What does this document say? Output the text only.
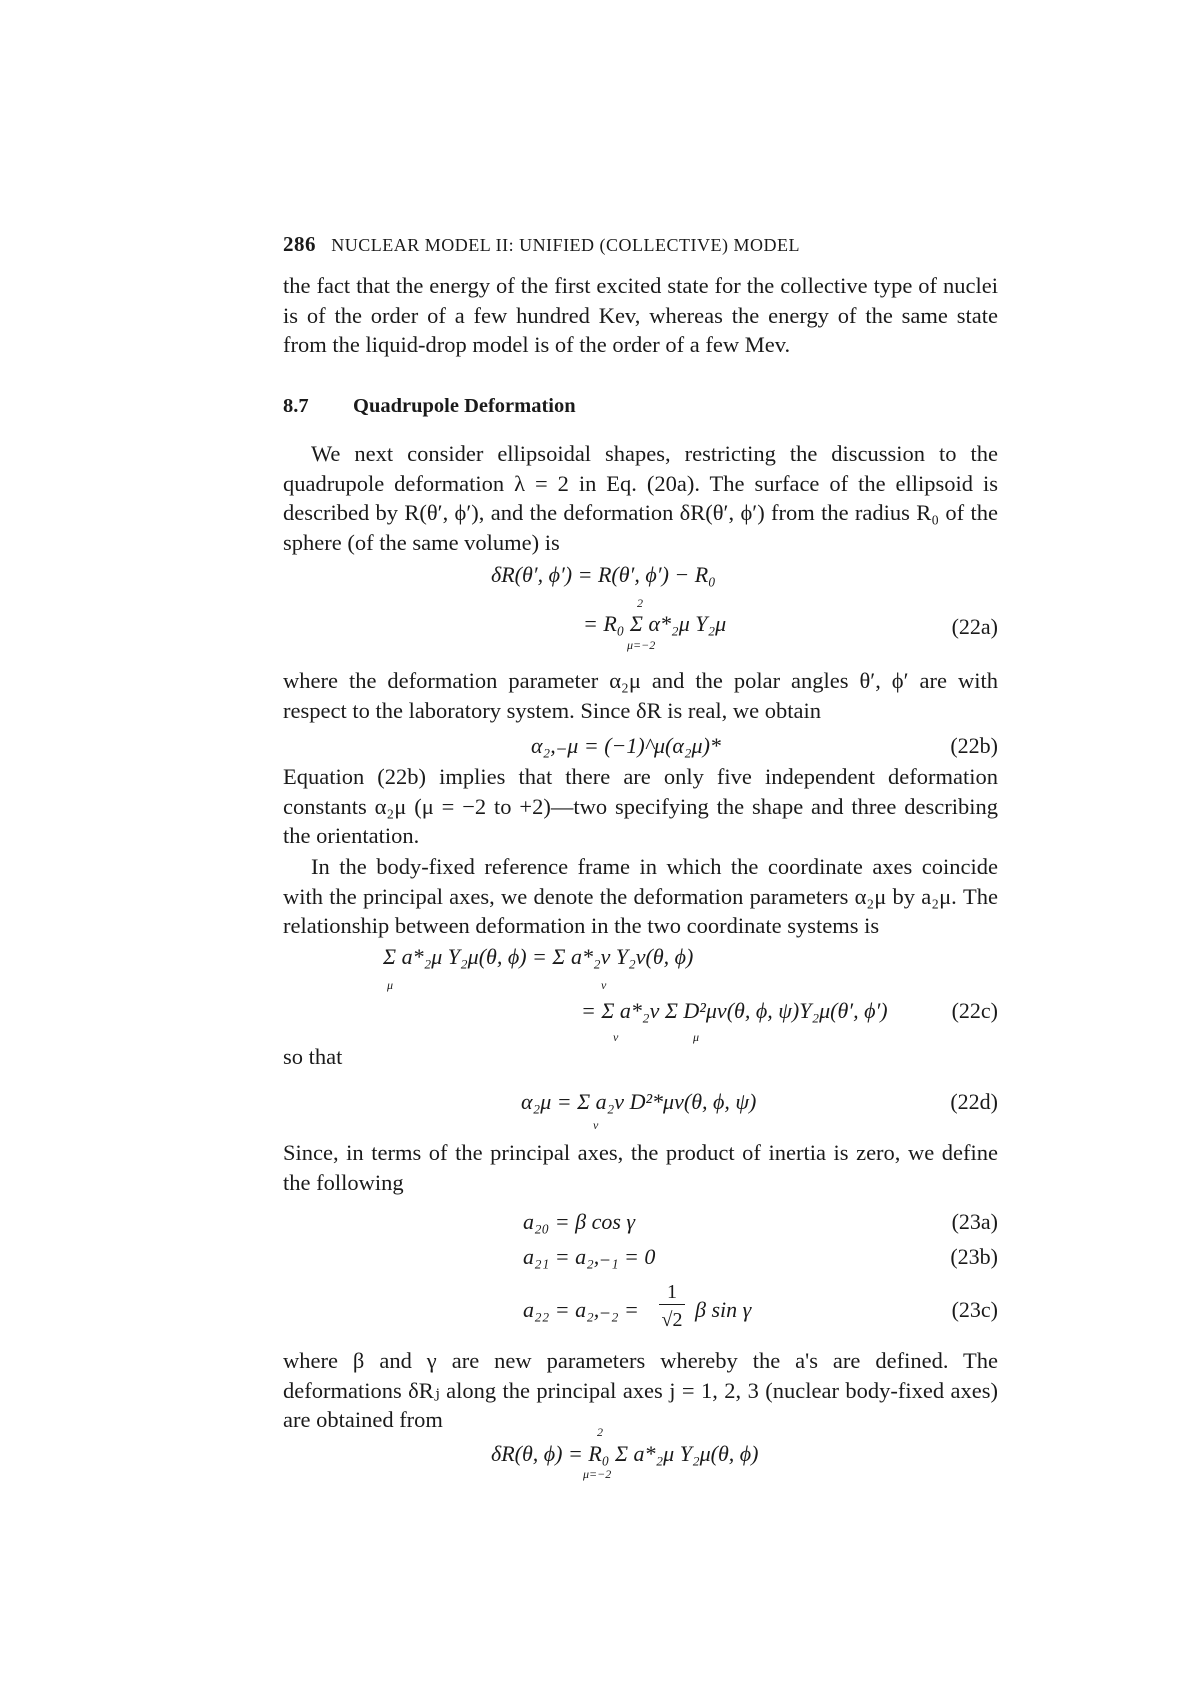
286 NUCLEAR MODEL II: UNIFIED (COLLECTIVE) MODEL
the fact that the energy of the first excited state for the collective type of nuclei is of the order of a few hundred Kev, whereas the energy of the same state from the liquid-drop model is of the order of a few Mev.
8.7 Quadrupole Deformation
We next consider ellipsoidal shapes, restricting the discussion to the quadrupole deformation λ = 2 in Eq. (20a). The surface of the ellipsoid is described by R(θ′, ϕ′), and the deformation δR(θ′, ϕ′) from the radius R₀ of the sphere (of the same volume) is
δR(θ′, ϕ′) = R(θ′, ϕ′) − R₀
2
= R₀ Σ α*₂μ Y₂μ
μ=−2
(22a)
where the deformation parameter α₂μ and the polar angles θ′, ϕ′ are with respect to the laboratory system. Since δR is real, we obtain
α₂,₋μ = (−1)^μ(α₂μ)*	(22b)
Equation (22b) implies that there are only five independent deformation constants α₂μ (μ = −2 to +2)—two specifying the shape and three describing the orientation.
In the body-fixed reference frame in which the coordinate axes coincide with the principal axes, we denote the deformation parameters α₂μ by a₂μ. The relationship between deformation in the two coordinate systems is
Σ a*₂μ Y₂μ(θ, ϕ) = Σ a*₂ν Y₂ν(θ, ϕ)
μ	ν
= Σ a*₂ν Σ D²μν(θ, ϕ, ψ)Y₂μ(θ′, ϕ′)
ν	μ
(22c)
so that
α₂μ = Σ a₂ν D²*μν(θ, ϕ, ψ)
ν
(22d)
Since, in terms of the principal axes, the product of inertia is zero, we define the following
a₂₀ = β cos γ	(23a)
a₂₁ = a₂,₋₁ = 0	(23b)
a₂₂ = a₂,₋₂ =
1
√2 β sin γ	(23c)
where β and γ are new parameters whereby the a's are defined. The deformations δRⱼ along the principal axes j = 1, 2, 3 (nuclear body-fixed axes) are obtained from	2
δR(θ, ϕ) = R₀ Σ a*₂μ Y₂μ(θ, ϕ)
μ=−2
